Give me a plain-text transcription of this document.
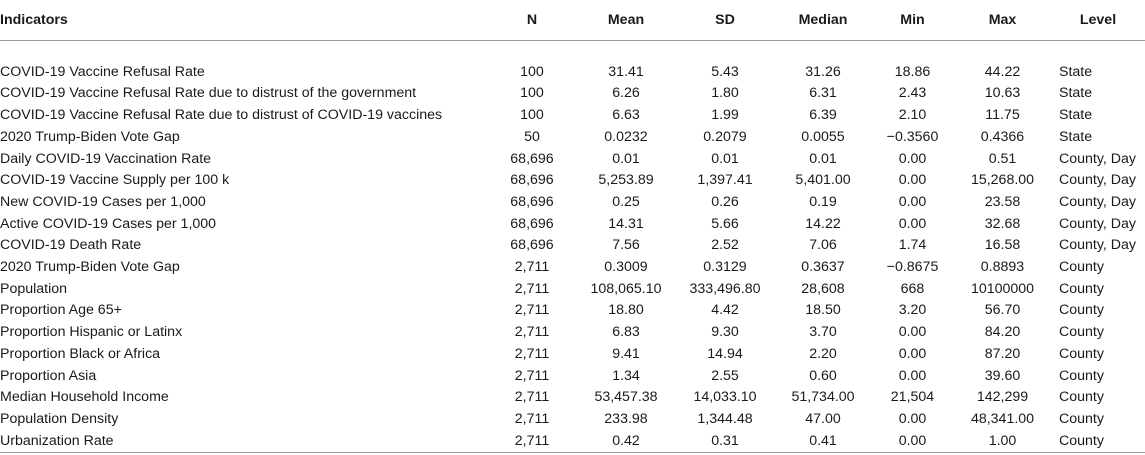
Indicators	N	Mean	SD	Median	Min	Max	Level

COVID-19 Vaccine Refusal Rate	100	31.41	5.43	31.26	18.86	44.22	State
COVID-19 Vaccine Refusal Rate due to distrust of the government	100	6.26	1.80	6.31	2.43	10.63	State
COVID-19 Vaccine Refusal Rate due to distrust of COVID-19 vaccines	100	6.63	1.99	6.39	2.10	11.75	State
2020 Trump-Biden Vote Gap	50	0.0232	0.2079	0.0055	−0.3560	0.4366	State
Daily COVID-19 Vaccination Rate	68,696	0.01	0.01	0.01	0.00	0.51	County, Day
COVID-19 Vaccine Supply per 100 k	68,696	5,253.89	1,397.41	5,401.00	0.00	15,268.00	County, Day
New COVID-19 Cases per 1,000	68,696	0.25	0.26	0.19	0.00	23.58	County, Day
Active COVID-19 Cases per 1,000	68,696	14.31	5.66	14.22	0.00	32.68	County, Day
COVID-19 Death Rate	68,696	7.56	2.52	7.06	1.74	16.58	County, Day
2020 Trump-Biden Vote Gap	2,711	0.3009	0.3129	0.3637	−0.8675	0.8893	County
Population	2,711	108,065.10	333,496.80	28,608	668	10100000	County
Proportion Age 65+	2,711	18.80	4.42	18.50	3.20	56.70	County
Proportion Hispanic or Latinx	2,711	6.83	9.30	3.70	0.00	84.20	County
Proportion Black or Africa	2,711	9.41	14.94	2.20	0.00	87.20	County
Proportion Asia	2,711	1.34	2.55	0.60	0.00	39.60	County
Median Household Income	2,711	53,457.38	14,033.10	51,734.00	21,504	142,299	County
Population Density	2,711	233.98	1,344.48	47.00	0.00	48,341.00	County
Urbanization Rate	2,711	0.42	0.31	0.41	0.00	1.00	County
